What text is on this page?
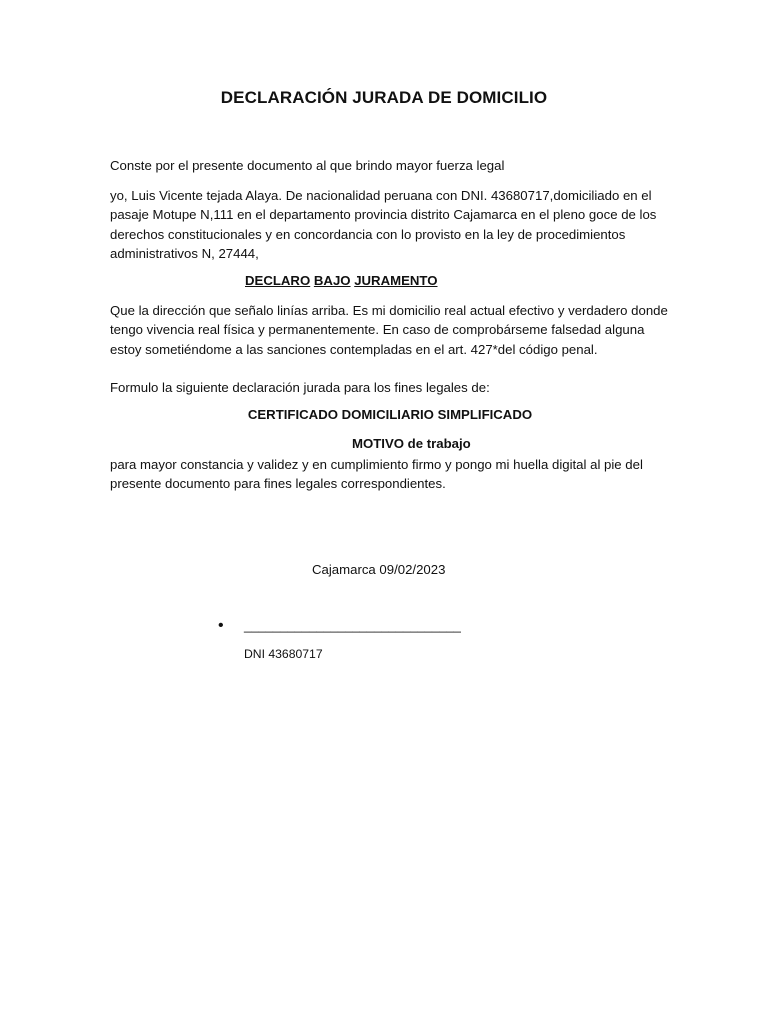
DECLARACIÓN JURADA DE DOMICILIO

Conste por el presente documento al que brindo mayor fuerza legal

yo, Luis Vicente tejada Alaya. De nacionalidad peruana con DNI. 43680717,domiciliado en el pasaje Motupe N,111 en el departamento provincia distrito Cajamarca en el pleno goce de los derechos constitucionales y en concordancia con lo provisto en la ley de procedimientos administrativos N, 27444,

DECLARO BAJO JURAMENTO

Que la dirección que señalo linías arriba. Es mi domicilio real actual efectivo y verdadero donde tengo vivencia real física y permanentemente. En caso de comprobárseme falsedad alguna estoy sometiéndome a las sanciones contempladas en el art. 427*del código penal.

Formulo la siguiente declaración jurada para los fines legales de:

CERTIFICADO DOMICILIARIO SIMPLIFICADO
MOTIVO de trabajo

para mayor constancia y validez y en cumplimiento firmo y pongo mi huella digital al pie del presente documento para fines legales correspondientes.

Cajamarca 09/02/2023
• ______________________________
DNI 43680717
